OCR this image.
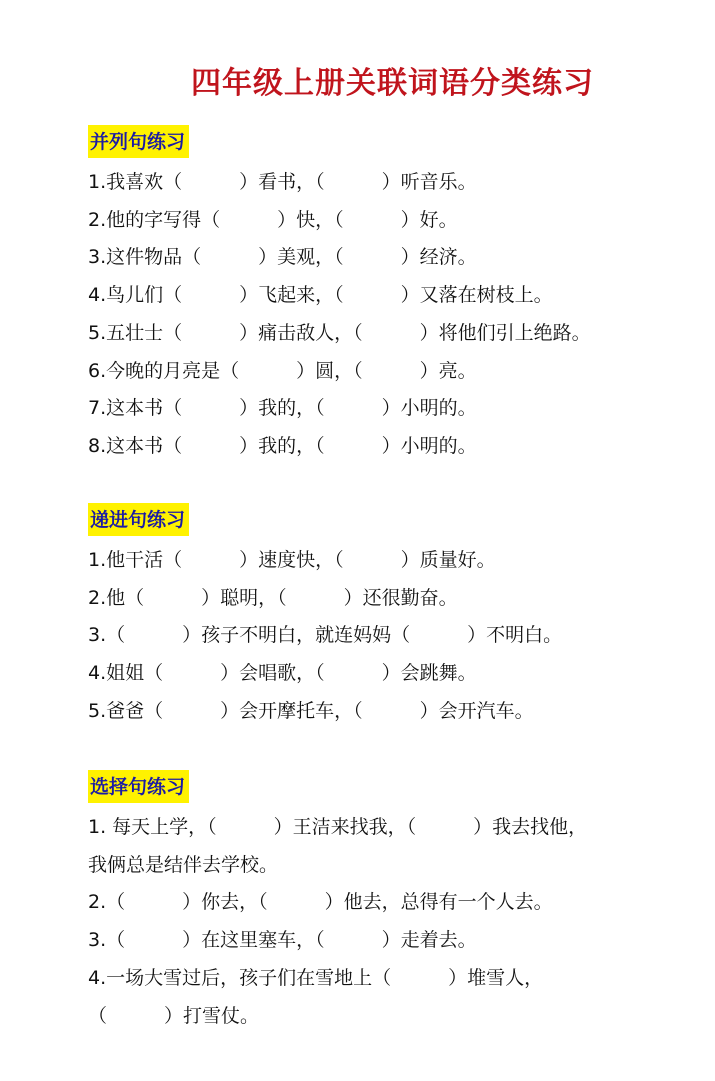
四年级上册关联词语分类练习
并列句练习
1.我喜欢（　　　）看书，（　　　）听音乐。
2.他的字写得（　　　）快，（　　　）好。
3.这件物品（　　　）美观，（　　　）经济。
4.鸟儿们（　　　）飞起来，（　　　）又落在树枝上。
5.五壮士（　　　）痛击敌人，（　　　）将他们引上绝路。
6.今晚的月亮是（　　　）圆，（　　　）亮。
7.这本书（　　　）我的，（　　　）小明的。
8.这本书（　　　）我的，（　　　）小明的。
递进句练习
1.他干活（　　　）速度快，（　　　）质量好。
2.他（　　　）聪明，（　　　）还很勤奋。
3.（　　　）孩子不明白，就连妈妈（　　　）不明白。
4.姐姐（　　　）会唱歌，（　　　）会跳舞。
5.爸爸（　　　）会开摩托车，（　　　）会开汽车。
选择句练习
1. 每天上学，（　　　）王洁来找我，（　　　）我去找他，
我俩总是结伴去学校。
2.（　　　）你去，（　　　）他去，总得有一个人去。
3.（　　　）在这里塞车，（　　　）走着去。
4.一场大雪过后，孩子们在雪地上（　　　）堆雪人，
（　　　）打雪仗。
